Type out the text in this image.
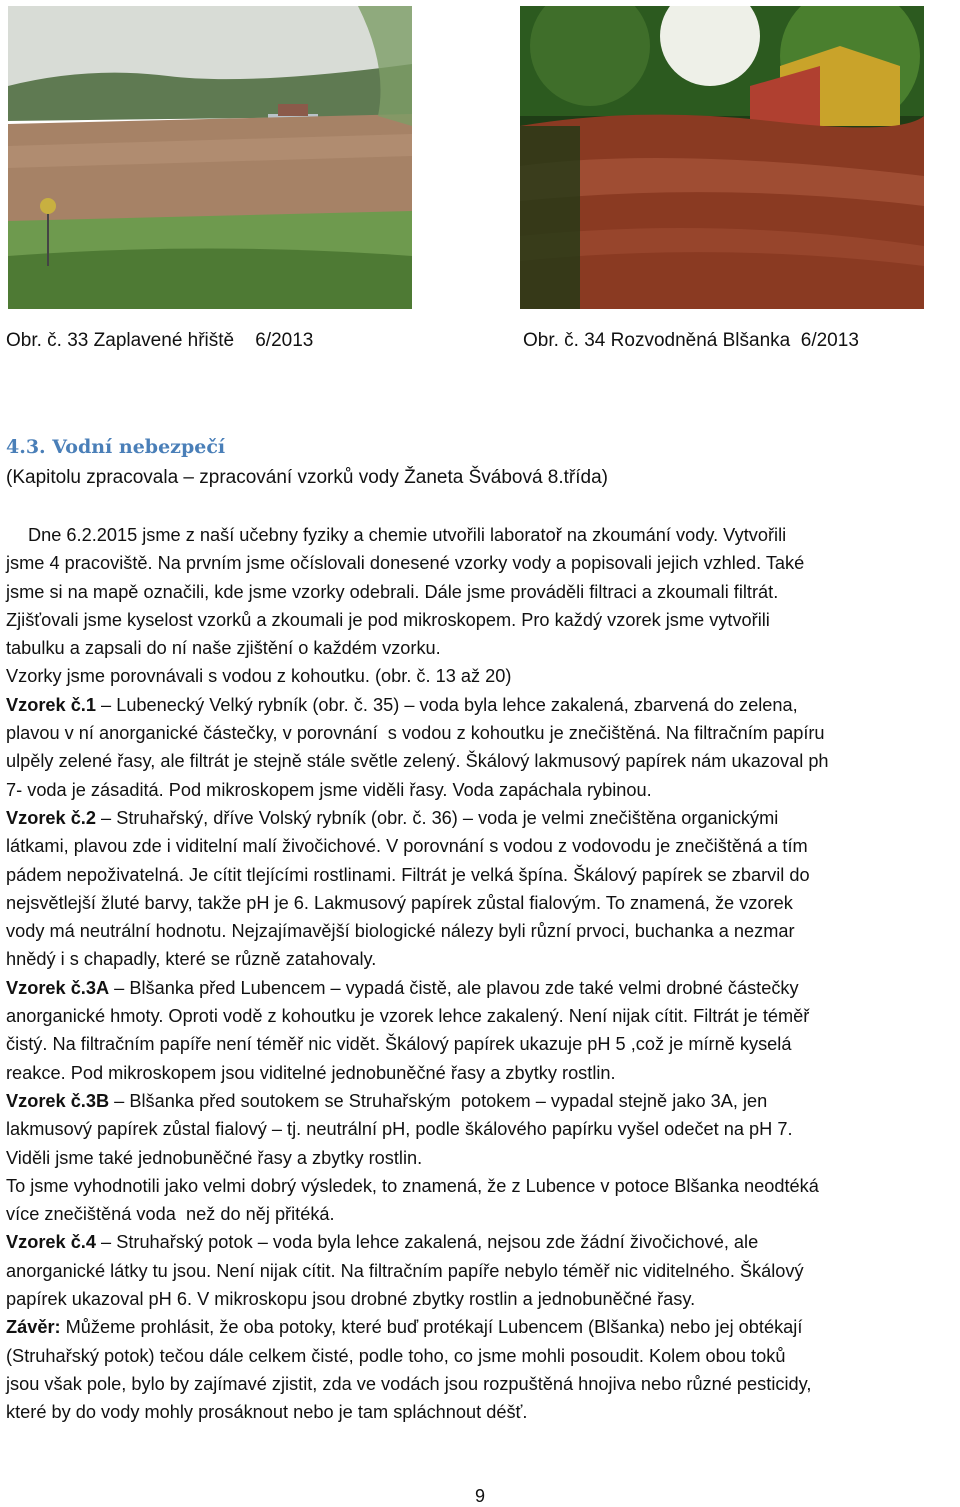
Obr. č. 33 Zaplavené hřiště    6/2013	Obr. č. 34 Rozvodněná Blšanka  6/2013
4.3. Vodní nebezpečí
(Kapitolu zpracovala – zpracování vzorků vody Žaneta Švábová 8.třída)
Dne 6.2.2015 jsme z naší učebny fyziky a chemie utvořili laboratoř na zkoumání vody. Vytvořili
jsme 4 pracoviště. Na prvním jsme očíslovali donesené vzorky vody a popisovali jejich vzhled. Také
jsme si na mapě označili, kde jsme vzorky odebrali. Dále jsme prováděli filtraci a zkoumali filtrát.
Zjišťovali jsme kyselost vzorků a zkoumali je pod mikroskopem. Pro každý vzorek jsme vytvořili
tabulku a zapsali do ní naše zjištění o každém vzorku.
Vzorky jsme porovnávali s vodou z kohoutku. (obr. č. 13 až 20)
Vzorek č.1 – Lubenecký Velký rybník (obr. č. 35) – voda byla lehce zakalená, zbarvená do zelena,
plavou v ní anorganické částečky, v porovnání  s vodou z kohoutku je znečištěná. Na filtračním papíru
ulpěly zelené řasy, ale filtrát je stejně stále světle zelený. Škálový lakmusový papírek nám ukazoval ph
7- voda je zásaditá. Pod mikroskopem jsme viděli řasy. Voda zapáchala rybinou.
Vzorek č.2 – Struhařský, dříve Volský rybník (obr. č. 36) – voda je velmi znečištěna organickými
látkami, plavou zde i viditelní malí živočichové. V porovnání s vodou z vodovodu je znečištěná a tím
pádem nepoživatelná. Je cítit tlejícími rostlinami. Filtrát je velká špína. Škálový papírek se zbarvil do
nejsvětlejší žluté barvy, takže pH je 6. Lakmusový papírek zůstal fialovým. To znamená, že vzorek
vody má neutrální hodnotu. Nejzajímavější biologické nálezy byli různí prvoci, buchanka a nezmar
hnědý i s chapadly, které se různě zatahovaly.
Vzorek č.3A – Blšanka před Lubencem – vypadá čistě, ale plavou zde také velmi drobné částečky
anorganické hmoty. Oproti vodě z kohoutku je vzorek lehce zakalený. Není nijak cítit. Filtrát je téměř
čistý. Na filtračním papíře není téměř nic vidět. Škálový papírek ukazuje pH 5 ,což je mírně kyselá
reakce. Pod mikroskopem jsou viditelné jednobuněčné řasy a zbytky rostlin.
Vzorek č.3B – Blšanka před soutokem se Struhařským  potokem – vypadal stejně jako 3A, jen
lakmusový papírek zůstal fialový – tj. neutrální pH, podle škálového papírku vyšel odečet na pH 7.
Viděli jsme také jednobuněčné řasy a zbytky rostlin.
To jsme vyhodnotili jako velmi dobrý výsledek, to znamená, že z Lubence v potoce Blšanka neodtéká
více znečištěná voda  než do něj přitéká.
Vzorek č.4 – Struhařský potok – voda byla lehce zakalená, nejsou zde žádní živočichové, ale
anorganické látky tu jsou. Není nijak cítit. Na filtračním papíře nebylo téměř nic viditelného. Škálový
papírek ukazoval pH 6. V mikroskopu jsou drobné zbytky rostlin a jednobuněčné řasy.
Závěr: Můžeme prohlásit, že oba potoky, které buď protékají Lubencem (Blšanka) nebo jej obtékají
(Struhařský potok) tečou dále celkem čisté, podle toho, co jsme mohli posoudit. Kolem obou toků
jsou však pole, bylo by zajímavé zjistit, zda ve vodách jsou rozpuštěná hnojiva nebo různé pesticidy,
které by do vody mohly prosáknout nebo je tam spláchnout déšť.
9
